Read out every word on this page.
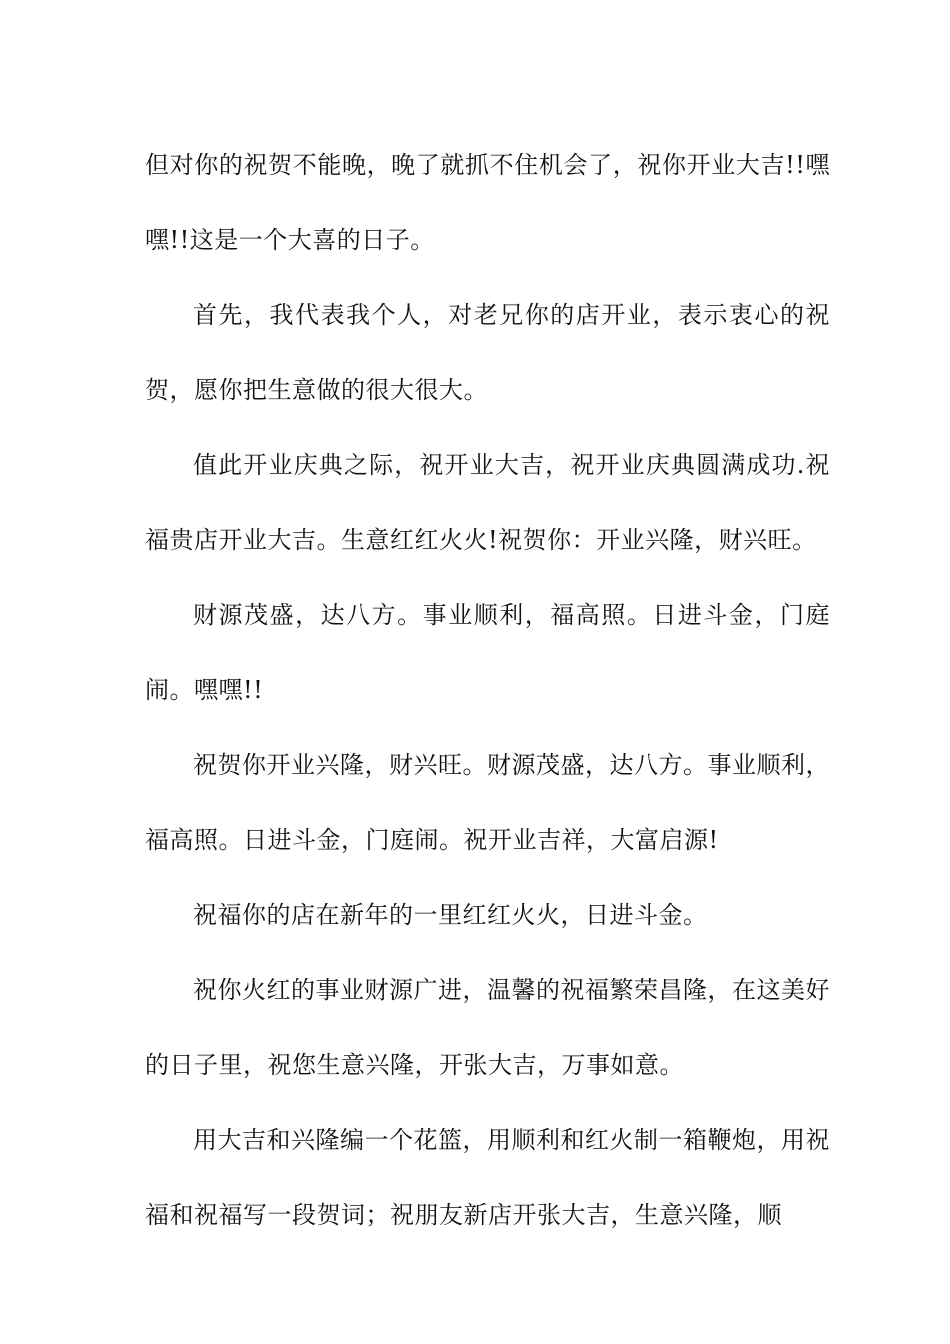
但对你的祝贺不能晚，晚了就抓不住机会了，祝你开业大吉!!嘿嘿!!这是一个大喜的日子。

首先，我代表我个人，对老兄你的店开业，表示衷心的祝贺，愿你把生意做的很大很大。

值此开业庆典之际，祝开业大吉，祝开业庆典圆满成功.祝福贵店开业大吉。生意红红火火!祝贺你：开业兴隆，财兴旺。

财源茂盛，达八方。事业顺利，福高照。日进斗金，门庭闹。嘿嘿!!

祝贺你开业兴隆，财兴旺。财源茂盛，达八方。事业顺利，福高照。日进斗金，门庭闹。祝开业吉祥，大富启源!

祝福你的店在新年的一里红红火火，日进斗金。

祝你火红的事业财源广进，温馨的祝福繁荣昌隆，在这美好的日子里，祝您生意兴隆，开张大吉，万事如意。

用大吉和兴隆编一个花篮，用顺利和红火制一箱鞭炮，用祝福和祝福写一段贺词；祝朋友新店开张大吉，生意兴隆，顺
